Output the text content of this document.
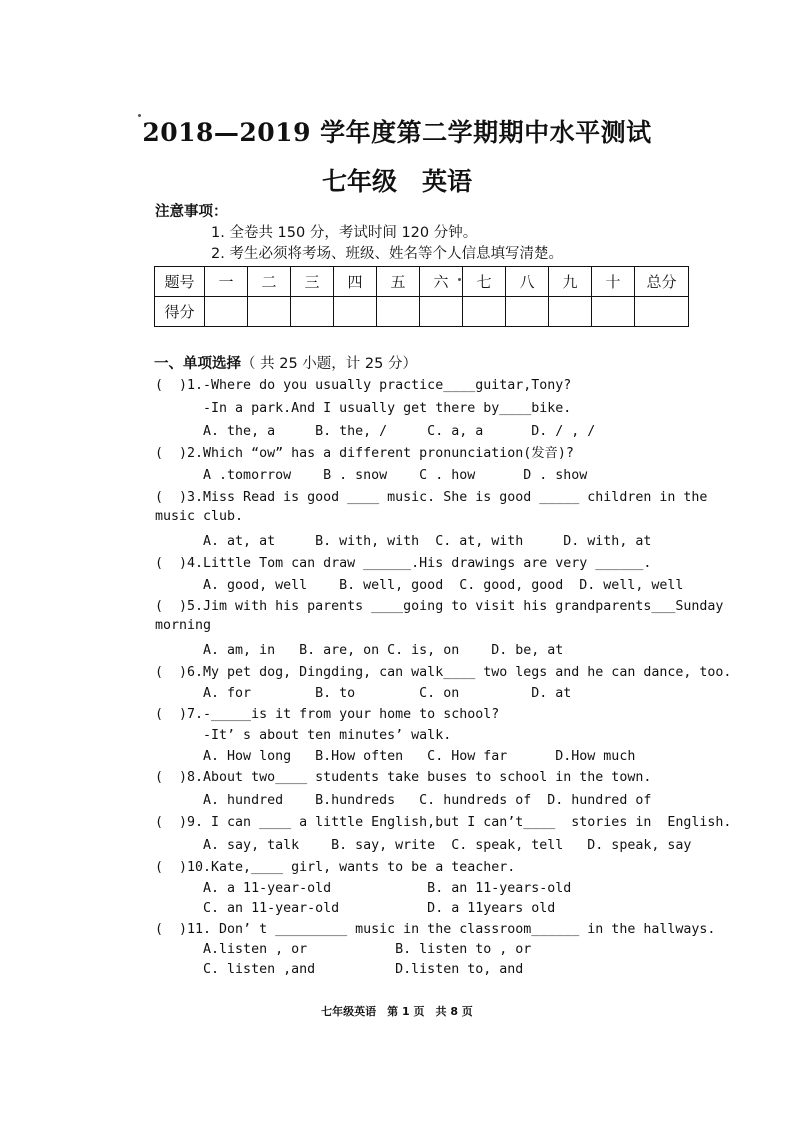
2018—2019 学年度第二学期期中水平测试
七年级　英语
注意事项：
1. 全卷共 150 分，考试时间 120 分钟。
2. 考生必须将考场、班级、姓名等个人信息填写清楚。
题号	一	二	三	四	五	六	七	八	九	十	总分
得分											
一、单项选择（ 共 25 小题，计 25 分）
(  )1.-Where do you usually practice____guitar,Tony?
-In a park.And I usually get there by____bike.
A. the, a     B. the, /     C. a, a      D. / , /
(  )2.Which “ow” has a different pronunciation(发音)?
A .tomorrow    B . snow    C . how      D . show
(  )3.Miss Read is good ____ music. She is good _____ children in the
music club.
A. at, at     B. with, with  C. at, with     D. with, at
(  )4.Little Tom can draw ______.His drawings are very ______.
A. good, well    B. well, good  C. good, good  D. well, well
(  )5.Jim with his parents ____going to visit his grandparents___Sunday
morning
A. am, in   B. are, on C. is, on    D. be, at
(  )6.My pet dog, Dingding, can walk____ two legs and he can dance, too.
A. for        B. to        C. on         D. at
(  )7.-_____is it from your home to school?
-It’ s about ten minutes’ walk.
A. How long   B.How often   C. How far      D.How much
(  )8.About two____ students take buses to school in the town.
A. hundred    B.hundreds   C. hundreds of  D. hundred of
(  )9. I can ____ a little English,but I can’t____  stories in  English.
A. say, talk    B. say, write  C. speak, tell   D. speak, say
(  )10.Kate,____ girl, wants to be a teacher.
A. a 11-year-old            B. an 11-years-old
C. an 11-year-old           D. a 11years old
(  )11. Don’ t _________ music in the classroom______ in the hallways.
A.listen , or           B. listen to , or
C. listen ,and          D.listen to, and
七年级英语　第 1 页　共 8 页
